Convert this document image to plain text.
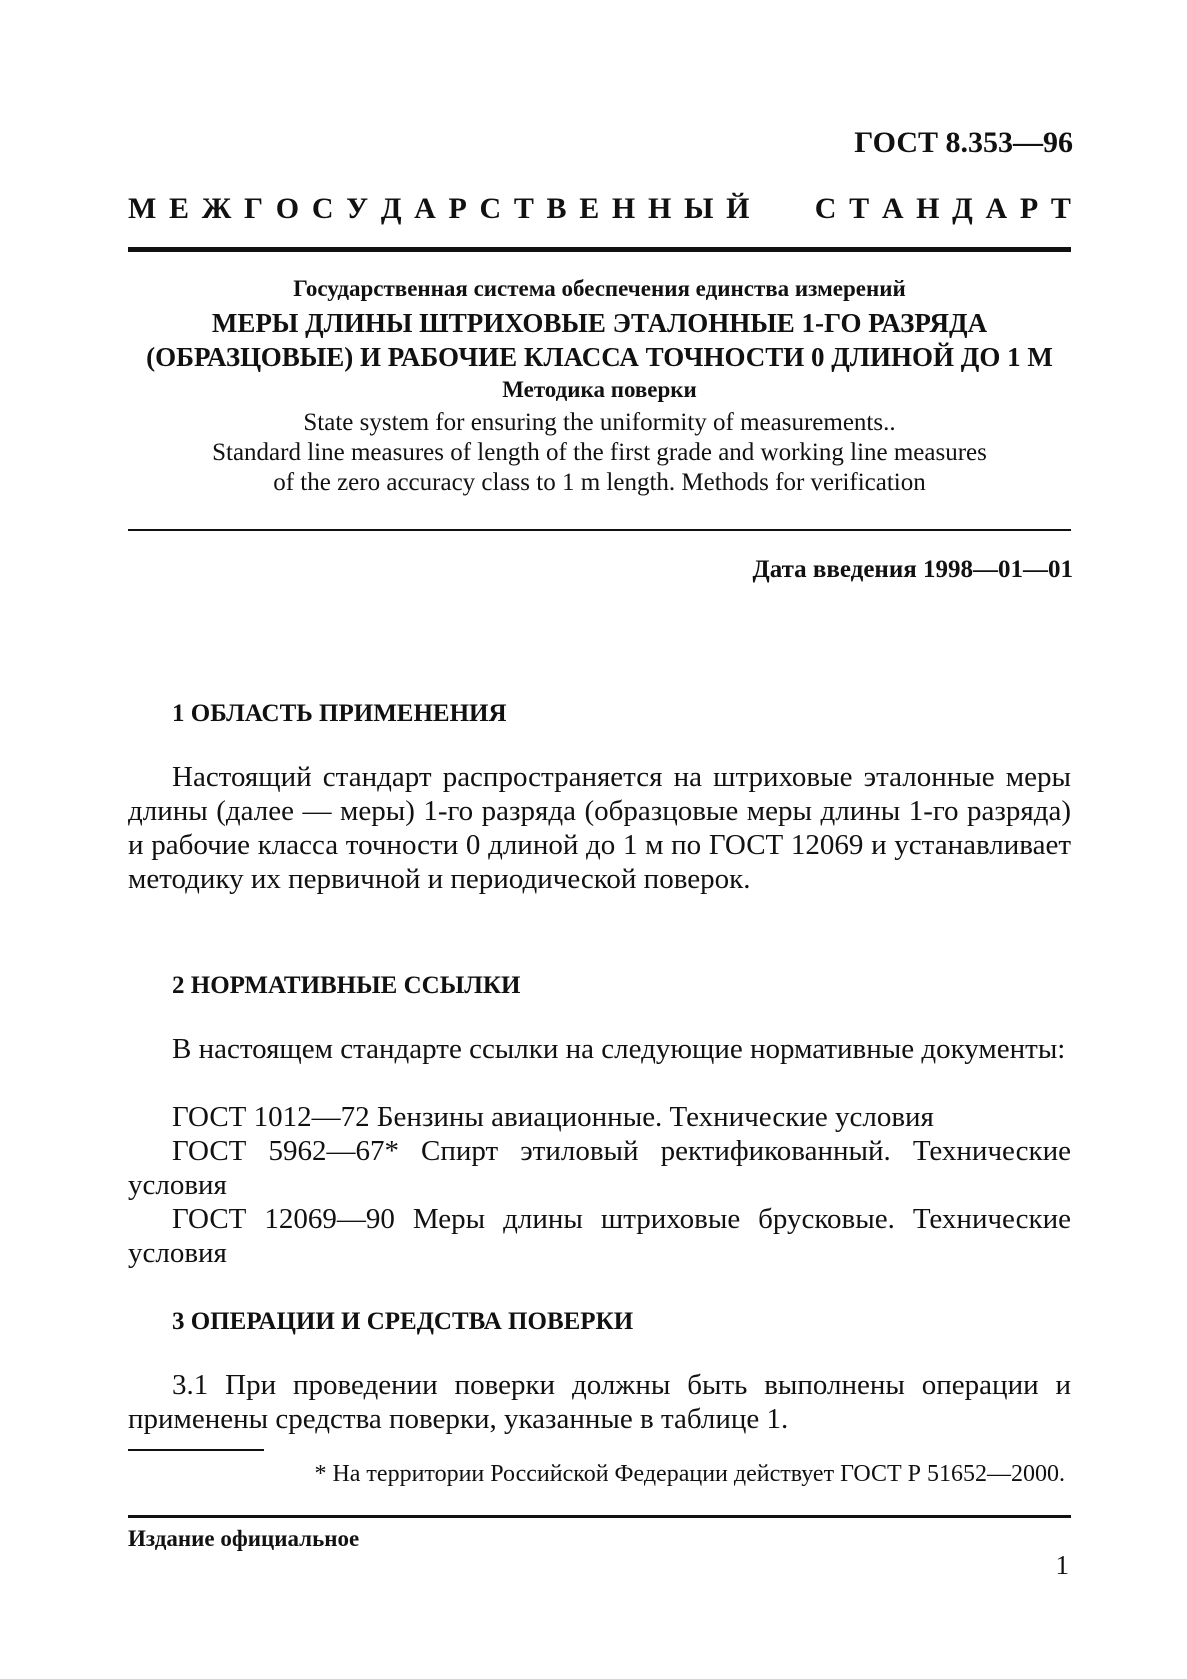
ГОСТ 8.353—96
М Е Ж Г О С У Д А Р С Т В Е Н Н Ы Й С Т А Н Д А Р Т
Государственная система обеспечения единства измерений
МЕРЫ ДЛИНЫ ШТРИХОВЫЕ ЭТАЛОННЫЕ 1-ГО РАЗРЯДА
(ОБРАЗЦОВЫЕ) И РАБОЧИЕ КЛАССА ТОЧНОСТИ 0 ДЛИНОЙ ДО 1 М
Методика поверки
State system for ensuring the uniformity of measurements..
Standard line measures of length of the first grade and working line measures
of the zero accuracy class to 1 m length. Methods for verification
Дата введения 1998—01—01
1 ОБЛАСТЬ ПРИМЕНЕНИЯ
Настоящий стандарт распространяется на штриховые эталонные меры длины (далее — меры) 1-го разряда (образцовые меры длины 1-го разряда) и рабочие класса точности 0 длиной до 1 м по ГОСТ 12069 и устанавливает методику их первичной и периодической поверок.
2 НОРМАТИВНЫЕ ССЫЛКИ
В настоящем стандарте ссылки на следующие нормативные документы:
ГОСТ 1012—72 Бензины авиационные. Технические условия
ГОСТ 5962—67* Спирт этиловый ректификованный. Технические условия
ГОСТ 12069—90 Меры длины штриховые брусковые. Технические условия
3 ОПЕРАЦИИ И СРЕДСТВА ПОВЕРКИ
3.1 При проведении поверки должны быть выполнены операции и применены средства поверки, указанные в таблице 1.
* На территории Российской Федерации действует ГОСТ Р 51652—2000.
Издание официальное
1
